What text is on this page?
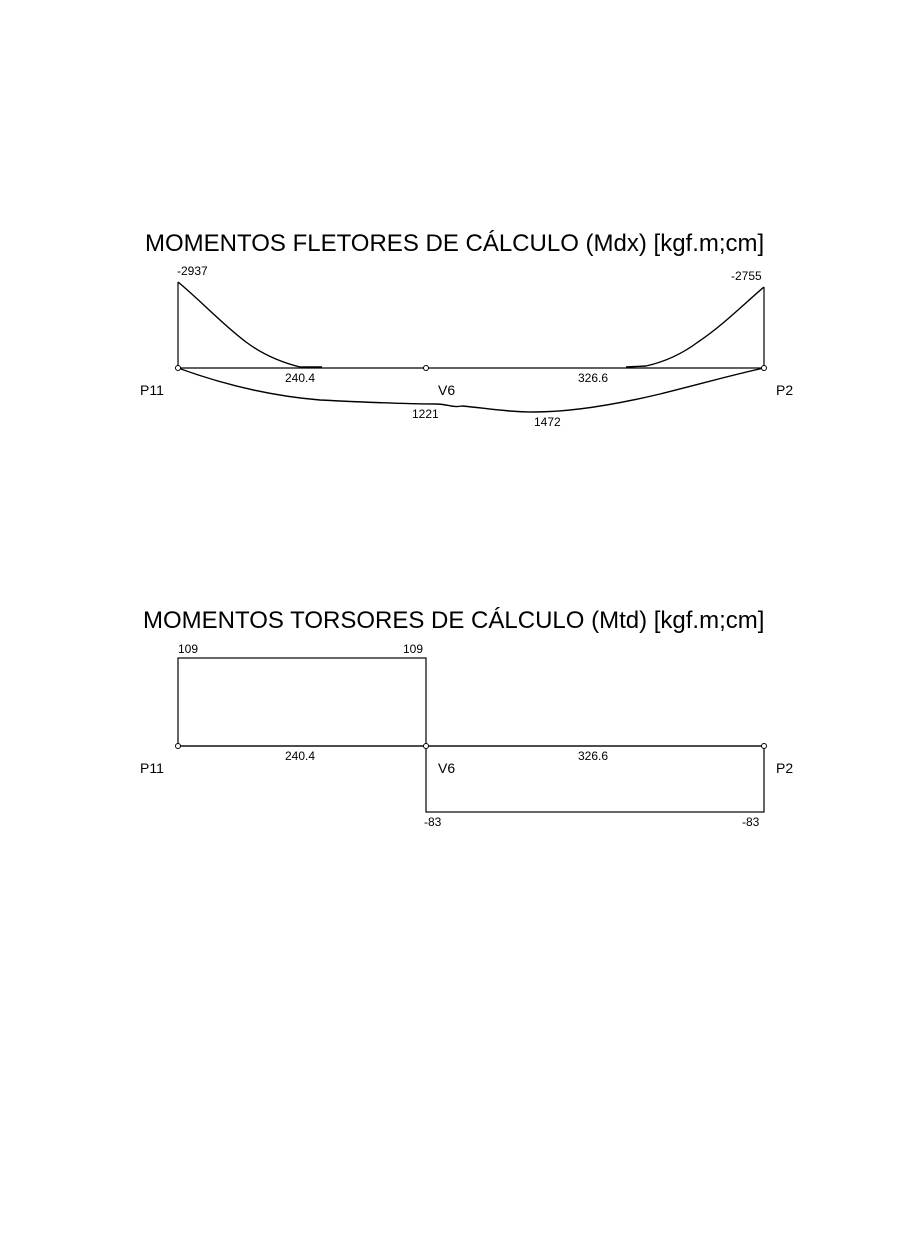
MOMENTOS FLETORES DE CÁLCULO (Mdx) [kgf.m;cm]
-2937	-2755
240.4	326.6
1221
1472
P11	V6	P2
MOMENTOS TORSORES DE CÁLCULO (Mtd) [kgf.m;cm]
109	109
240.4	326.6
-83	-83
P11	V6	P2
